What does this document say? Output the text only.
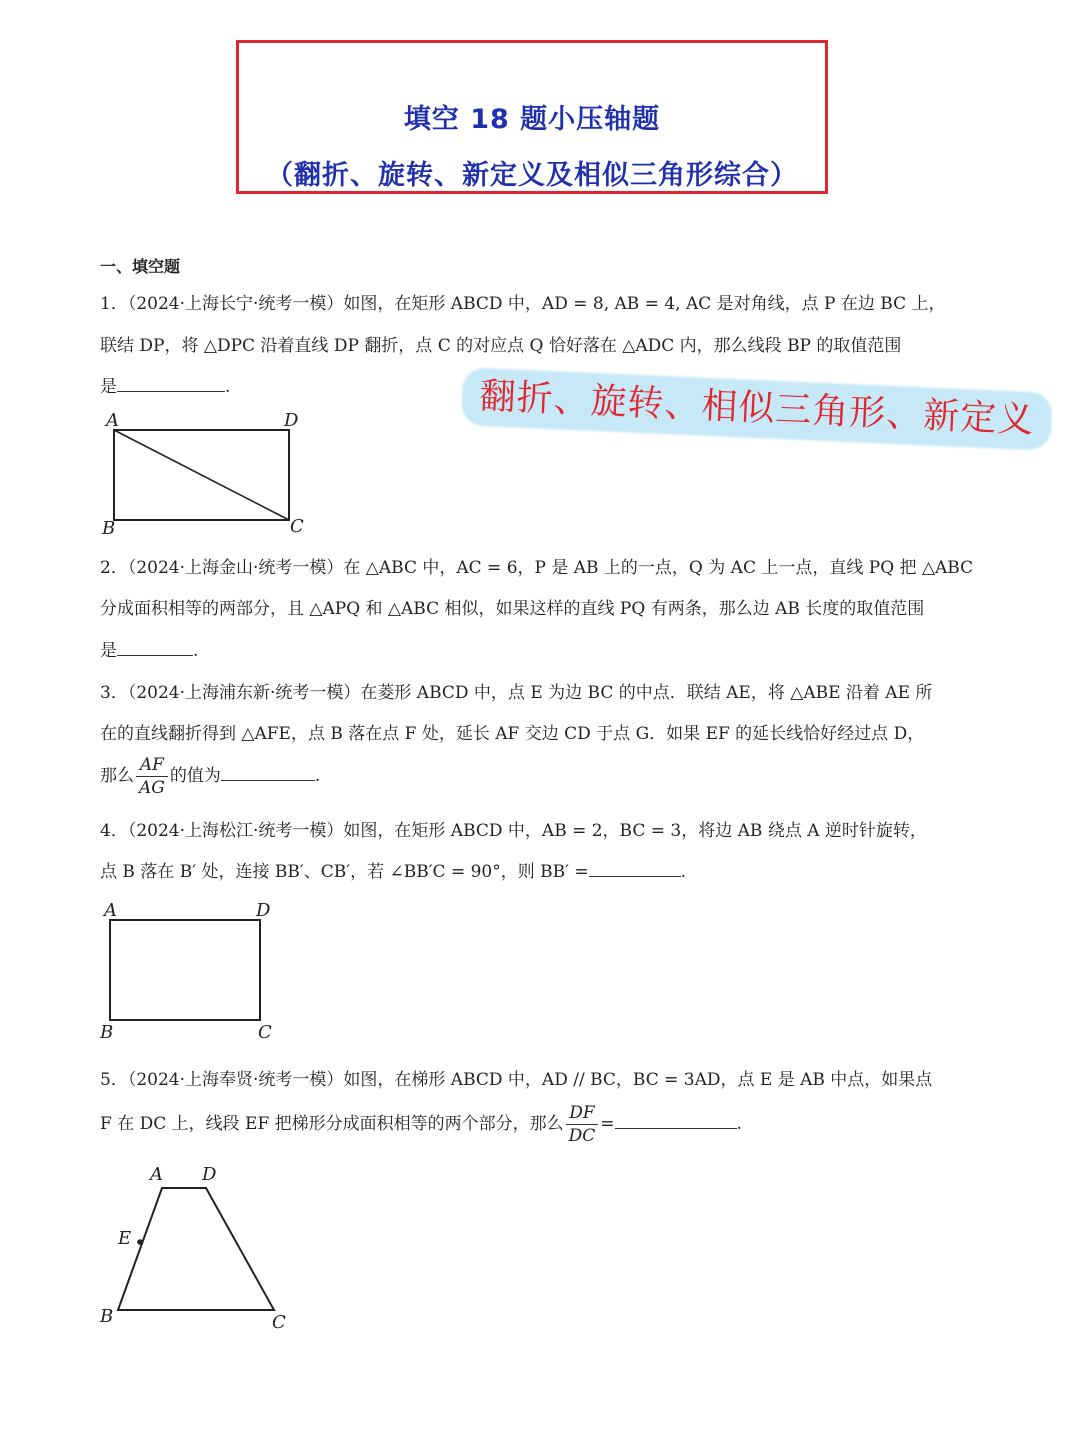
填空 18 题小压轴题
（翻折、旋转、新定义及相似三角形综合）
一、填空题
1．（2024·上海长宁·统考一模）如图，在矩形 ABCD 中，AD = 8, AB = 4, AC 是对角线，点 P 在边 BC 上，
联结 DP，将 △DPC 沿着直线 DP 翻折，点 C 的对应点 Q 恰好落在 △ADC 内，那么线段 BP 的取值范围
是	.	翻折、旋转、相似三角形、新定义
A	D
B	C
2．（2024·上海金山·统考一模）在 △ABC 中，AC = 6，P 是 AB 上的一点，Q 为 AC 上一点，直线 PQ 把 △ABC
分成面积相等的两部分，且 △APQ 和 △ABC 相似，如果这样的直线 PQ 有两条，那么边 AB 长度的取值范围
是	.
3．（2024·上海浦东新·统考一模）在菱形 ABCD 中，点 E 为边 BC 的中点．联结 AE，将 △ABE 沿着 AE 所
在的直线翻折得到 △AFE，点 B 落在点 F 处，延长 AF 交边 CD 于点 G．如果 EF 的延长线恰好经过点 D，
那么 $\frac{AF}{AG}$ 的值为	.
4．（2024·上海松江·统考一模）如图，在矩形 ABCD 中，AB = 2，BC = 3，将边 AB 绕点 A 逆时针旋转，
点 B 落在 B′ 处，连接 BB′、CB′，若 ∠BB′C = 90°，则 BB′ =	.
A	D
B	C
5．（2024·上海奉贤·统考一模）如图，在梯形 ABCD 中，AD // BC，BC = 3AD，点 E 是 AB 中点，如果点
F 在 DC 上，线段 EF 把梯形分成面积相等的两个部分，那么 $\frac{DF}{DC}$ =	.
A D
E
B	C
